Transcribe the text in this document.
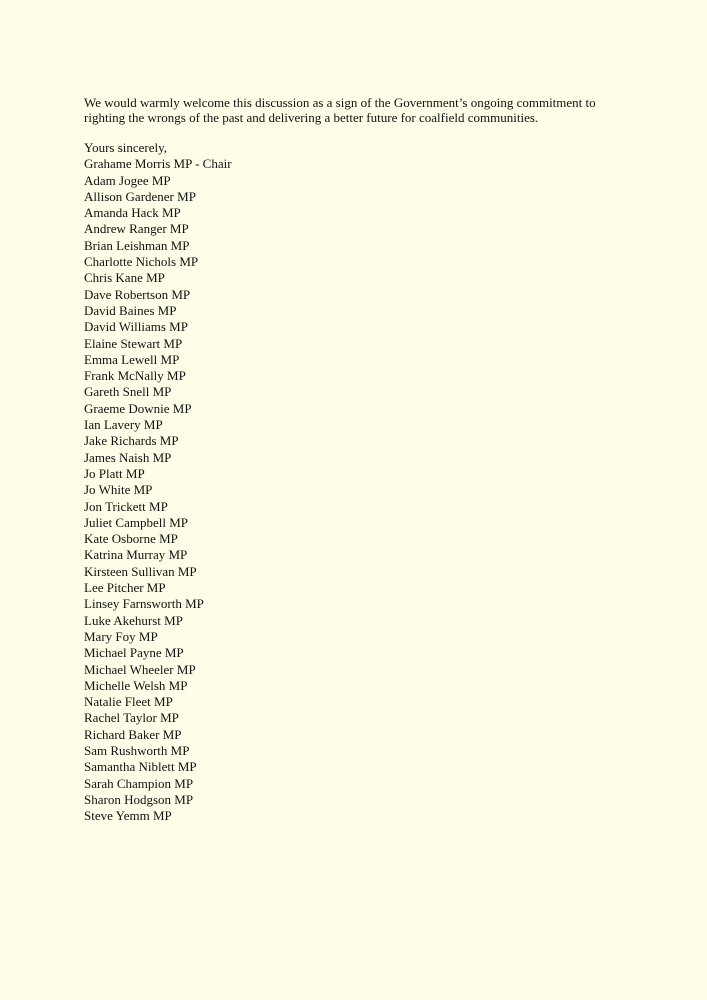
We would warmly welcome this discussion as a sign of the Government’s ongoing commitment to
righting the wrongs of the past and delivering a better future for coalfield communities.

Yours sincerely,

Grahame Morris MP - Chair
Adam Jogee MP
Allison Gardener MP
Amanda Hack MP
Andrew Ranger MP
Brian Leishman MP
Charlotte Nichols MP
Chris Kane MP
Dave Robertson MP
David Baines MP
David Williams MP
Elaine Stewart MP
Emma Lewell MP
Frank McNally MP
Gareth Snell MP
Graeme Downie MP
Ian Lavery MP
Jake Richards MP
James Naish MP
Jo Platt MP
Jo White MP
Jon Trickett MP
Juliet Campbell MP
Kate Osborne MP
Katrina Murray MP
Kirsteen Sullivan MP
Lee Pitcher MP
Linsey Farnsworth MP
Luke Akehurst MP
Mary Foy MP
Michael Payne MP
Michael Wheeler MP
Michelle Welsh MP
Natalie Fleet MP
Rachel Taylor MP
Richard Baker MP
Sam Rushworth MP
Samantha Niblett MP
Sarah Champion MP
Sharon Hodgson MP
Steve Yemm MP
